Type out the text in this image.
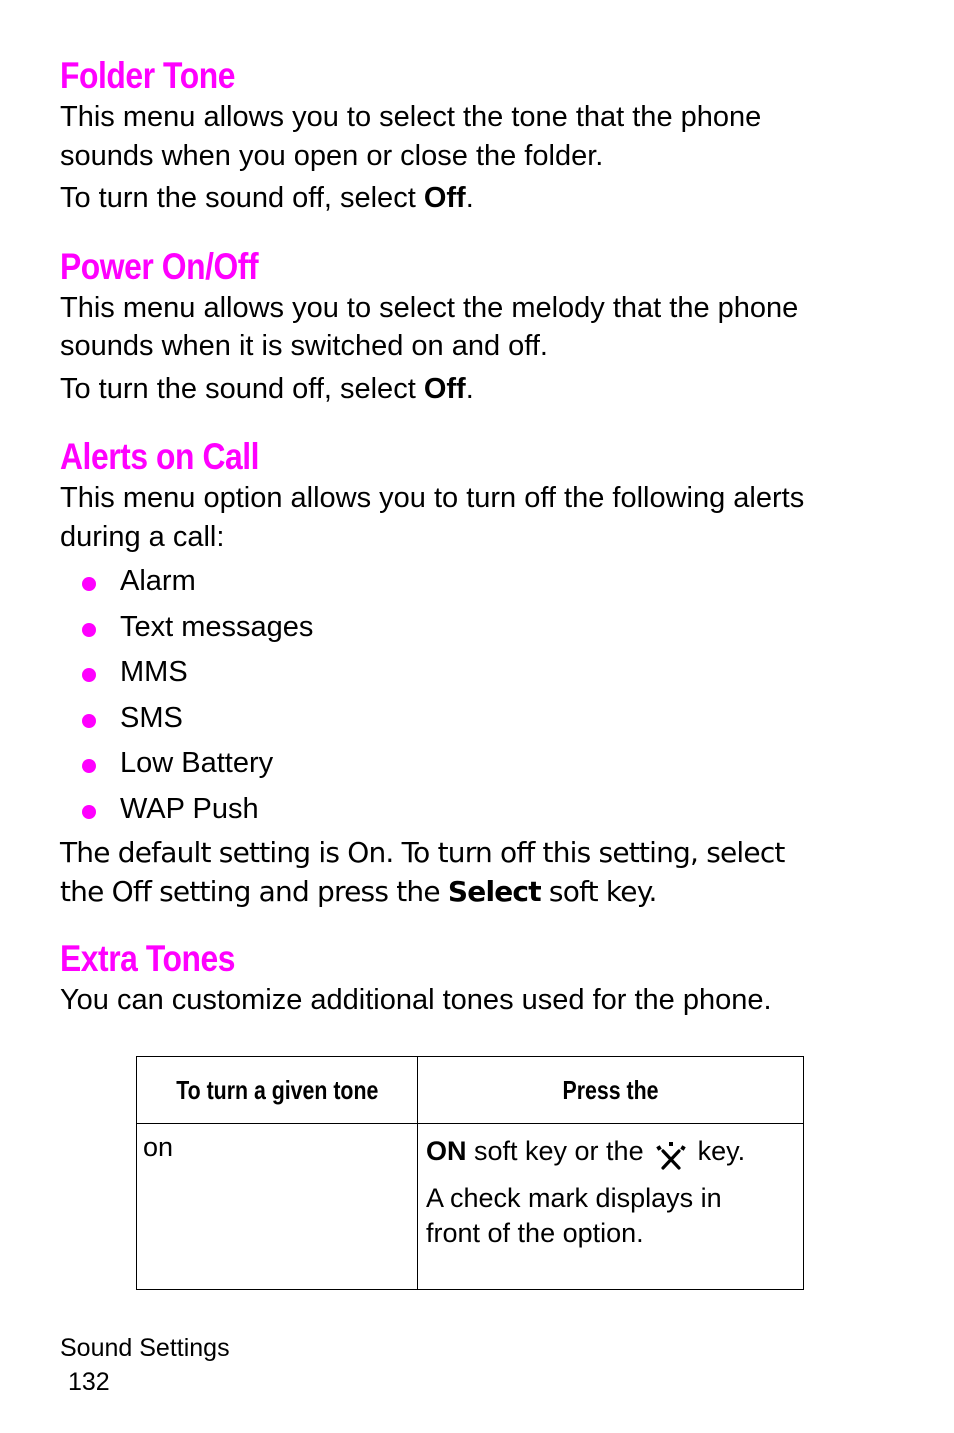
Folder Tone

This menu allows you to select the tone that the phone

sounds when you open or close the folder.

To turn the sound off, select Off.

Power On/Off

This menu allows you to select the melody that the phone

sounds when it is switched on and off.

To turn the sound off, select Off.

Alerts on Call

This menu option allows you to turn off the following alerts

during a call:

Alarm
Text messages
MMS
SMS
Low Battery
WAP Push

The default setting is On. To turn off this setting, select

the Off setting and press the Select soft key.

Extra Tones

You can customize additional tones used for the phone.

To turn a given tone	Press the
on	ON soft key or the key.

A check mark displays in

front of the option.

Sound Settings
132
